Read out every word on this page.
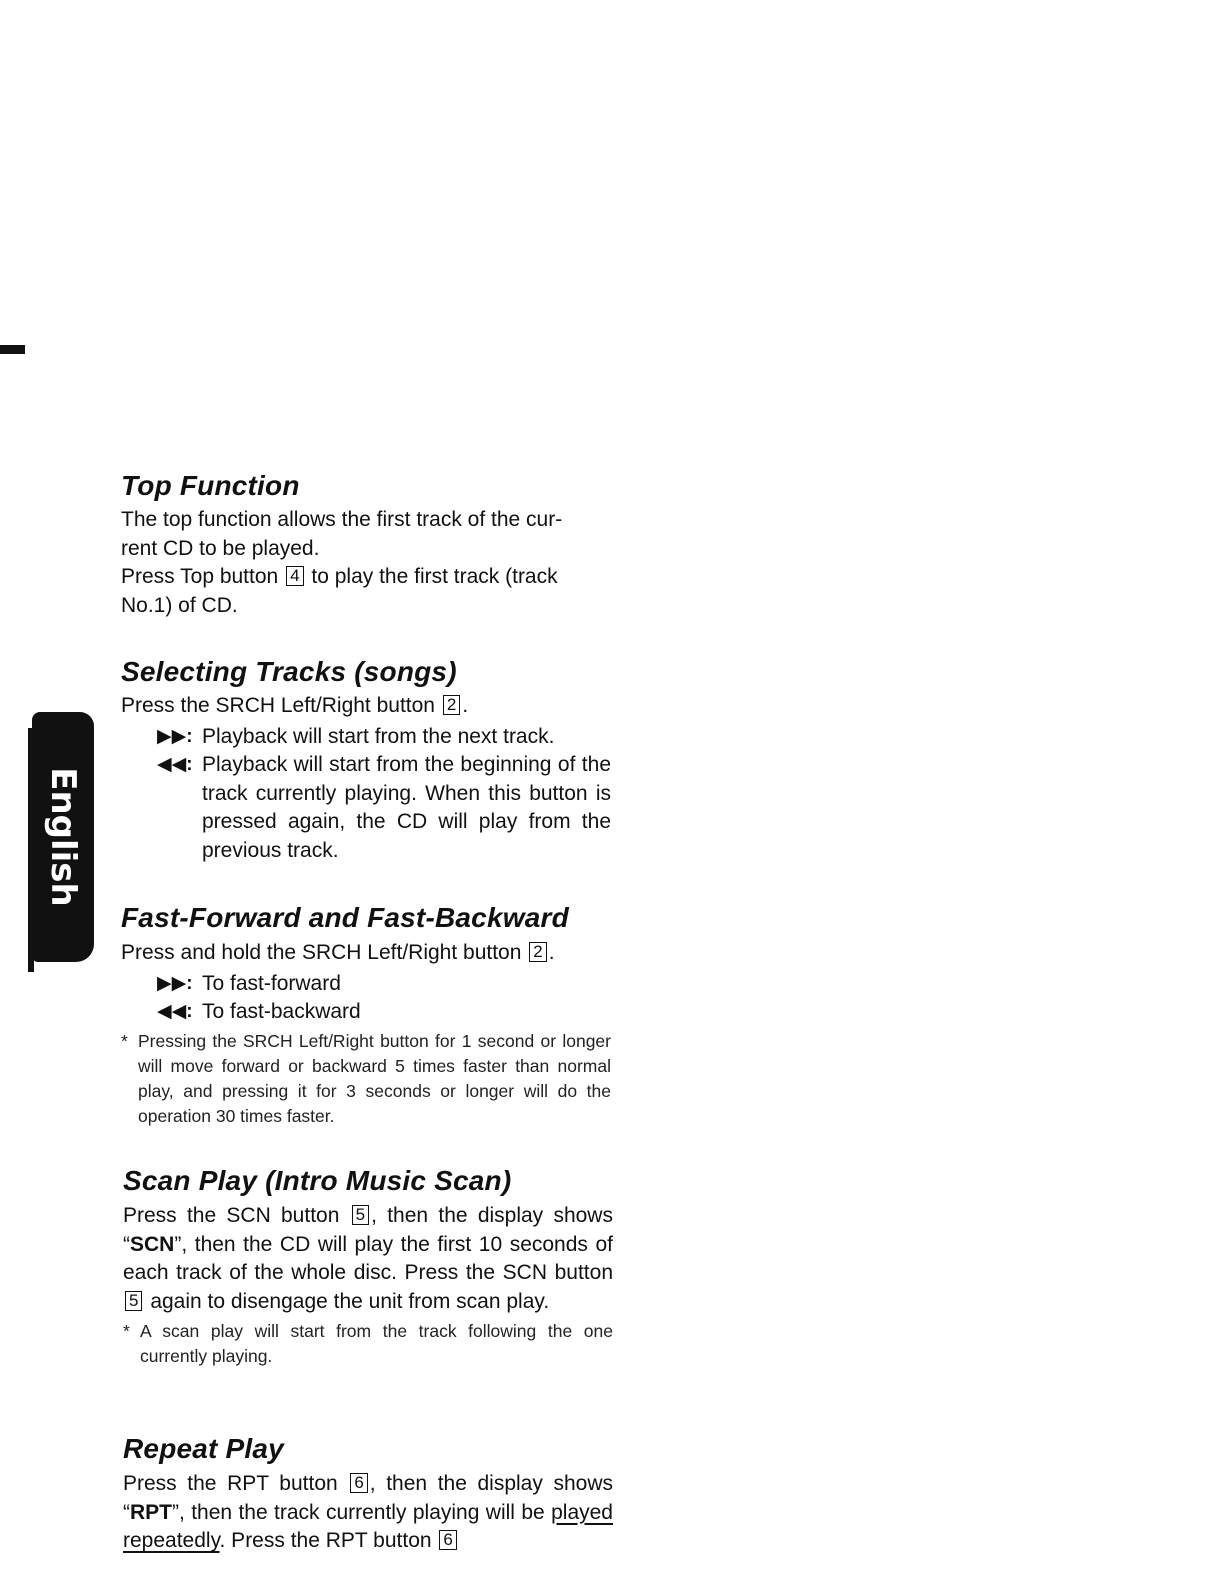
English
Top Function

The top function allows the first track of the cur-

rent CD to be played.

Press Top button 4 to play the first track (track

No.1) of CD.

Selecting Tracks (songs)

Press the SRCH Left/Right button 2 .

▶▶: Playback will start from the next track.
◀◀: Playback will start from the beginning of the track currently playing. When this button is pressed again, the CD will play from the previous track.
Fast-Forward and Fast-Backward

Press and hold the SRCH Left/Right button 2 .

▶▶: To fast-forward
◀◀: To fast-backward
* Pressing the SRCH Left/Right button for 1 second or longer will move forward or backward 5 times faster than normal play, and pressing it for 3 seconds or longer will do the operation 30 times faster.
Scan Play (Intro Music Scan)

Press the SCN button 5 , then the display shows “SCN”, then the CD will play the first 10 seconds of each track of the whole disc. Press the SCN button 5 again to disengage the unit from scan play.

* A scan play will start from the track following the one currently playing.
Repeat Play

Press the RPT button 6 , then the display shows “RPT”, then the track currently playing will be played repeatedly. Press the RPT button 6
